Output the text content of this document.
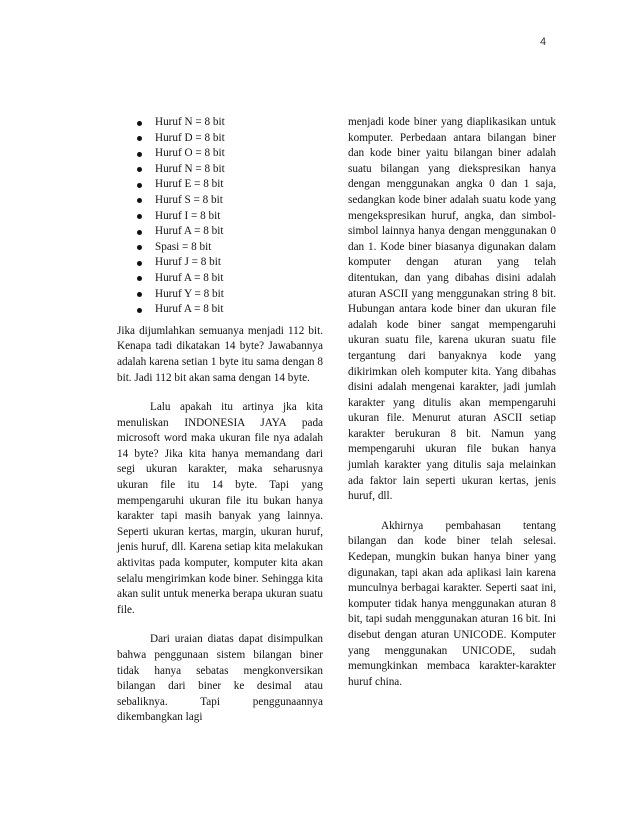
4
Huruf N = 8 bit
Huruf D = 8 bit
Huruf O = 8 bit
Huruf N = 8 bit
Huruf E = 8 bit
Huruf S = 8 bit
Huruf I = 8 bit
Huruf A = 8 bit
Spasi = 8 bit
Huruf J = 8 bit
Huruf A = 8 bit
Huruf Y = 8 bit
Huruf A = 8 bit

Jika dijumlahkan semuanya menjadi 112 bit. Kenapa tadi dikatakan 14 byte? Jawabannya adalah karena setian 1 byte itu sama dengan 8 bit. Jadi 112 bit akan sama dengan 14 byte.

Lalu apakah itu artinya jka kita menuliskan INDONESIA JAYA pada microsoft word maka ukuran file nya adalah 14 byte? Jika kita hanya memandang dari segi ukuran karakter, maka seharusnya ukuran file itu 14 byte. Tapi yang mempengaruhi ukuran file itu bukan hanya karakter tapi masih banyak yang lainnya. Seperti ukuran kertas, margin, ukuran huruf, jenis huruf, dll. Karena setiap kita melakukan aktivitas pada komputer, komputer kita akan selalu mengirimkan kode biner. Sehingga kita akan sulit untuk menerka berapa ukuran suatu file.

Dari uraian diatas dapat disimpulkan bahwa penggunaan sistem bilangan biner tidak hanya sebatas mengkonversikan bilangan dari biner ke desimal atau sebaliknya. Tapi penggunaannya dikembangkan lagi

menjadi kode biner yang diaplikasikan untuk komputer. Perbedaan antara bilangan biner dan kode biner yaitu bilangan biner adalah suatu bilangan yang diekspresikan hanya dengan menggunakan angka 0 dan 1 saja, sedangkan kode biner adalah suatu kode yang mengekspresikan huruf, angka, dan simbol-simbol lainnya hanya dengan menggunakan 0 dan 1. Kode biner biasanya digunakan dalam komputer dengan aturan yang telah ditentukan, dan yang dibahas disini adalah aturan ASCII yang menggunakan string 8 bit. Hubungan antara kode biner dan ukuran file adalah kode biner sangat mempengaruhi ukuran suatu file, karena ukuran suatu file tergantung dari banyaknya kode yang dikirimkan oleh komputer kita. Yang dibahas disini adalah mengenai karakter, jadi jumlah karakter yang ditulis akan mempengaruhi ukuran file. Menurut aturan ASCII setiap karakter berukuran 8 bit. Namun yang mempengaruhi ukuran file bukan hanya jumlah karakter yang ditulis saja melainkan ada faktor lain seperti ukuran kertas, jenis huruf, dll.

Akhirnya pembahasan tentang bilangan dan kode biner telah selesai. Kedepan, mungkin bukan hanya biner yang digunakan, tapi akan ada aplikasi lain karena munculnya berbagai karakter. Seperti saat ini, komputer tidak hanya menggunakan aturan 8 bit, tapi sudah menggunakan aturan 16 bit. Ini disebut dengan aturan UNICODE. Komputer yang menggunakan UNICODE, sudah memungkinkan membaca karakter-karakter huruf china.
